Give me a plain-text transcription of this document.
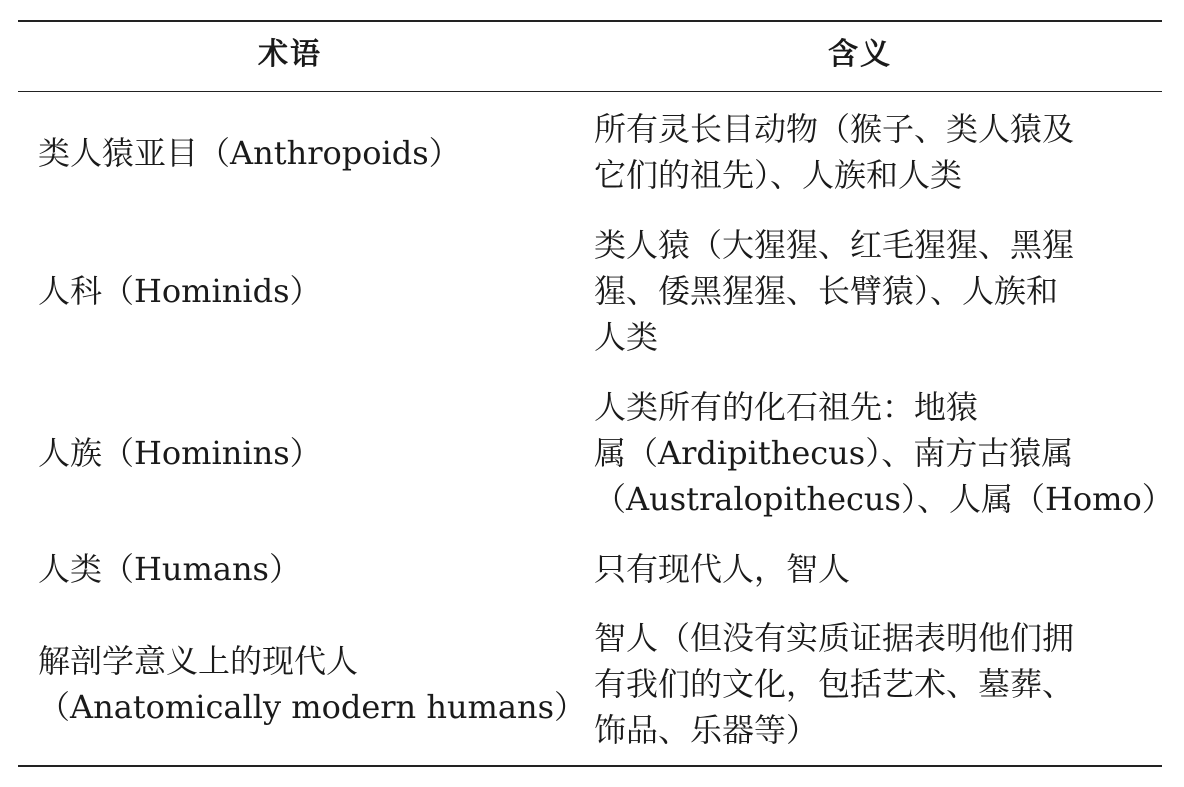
术语	含义
类人猿亚目（Anthropoids）
所有灵长目动物（猴子、类人猿及
它们的祖先）、人族和人类
人科（Hominids）
类人猿（大猩猩、红毛猩猩、黑猩
猩、倭黑猩猩、长臂猿）、人族和
人类
人族（Hominins）
人类所有的化石祖先：地猿
属（Ardipithecus）、南方古猿属
（Australopithecus）、人属（Homo）
人类（Humans）	只有现代人，智人
解剖学意义上的现代人
（Anatomically modern humans）
智人（但没有实质证据表明他们拥
有我们的文化，包括艺术、墓葬、
饰品、乐器等）
